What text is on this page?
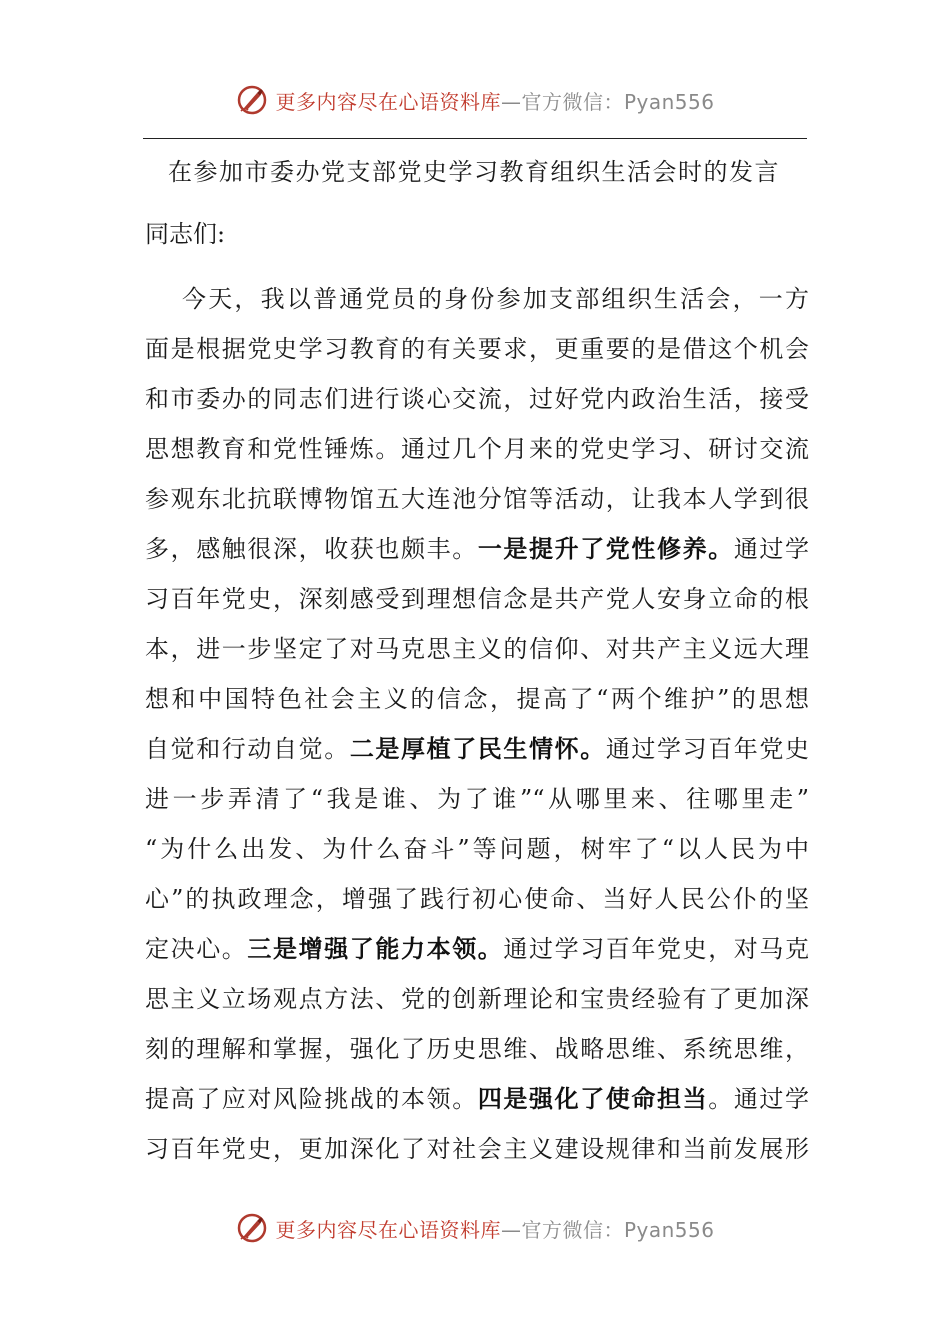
更多内容尽在心语资料库—官方微信：Pyan556
在参加市委办党支部党史学习教育组织生活会时的发言
同志们:
今天，我以普通党员的身份参加支部组织生活会，一方
面是根据党史学习教育的有关要求，更重要的是借这个机会
和市委办的同志们进行谈心交流，过好党内政治生活，接受
思想教育和党性锤炼。通过几个月来的党史学习、研讨交流
参观东北抗联博物馆五大连池分馆等活动，让我本人学到很
多，感触很深，收获也颇丰。一是提升了党性修养。通过学
习百年党史，深刻感受到理想信念是共产党人安身立命的根
本，进一步坚定了对马克思主义的信仰、对共产主义远大理
想和中国特色社会主义的信念，提高了“两个维护”的思想
自觉和行动自觉。二是厚植了民生情怀。通过学习百年党史
进一步弄清了“我是谁、为了谁”“从哪里来、往哪里走”
“为什么出发、为什么奋斗”等问题，树牢了“以人民为中
心”的执政理念，增强了践行初心使命、当好人民公仆的坚
定决心。三是增强了能力本领。通过学习百年党史，对马克
思主义立场观点方法、党的创新理论和宝贵经验有了更加深
刻的理解和掌握，强化了历史思维、战略思维、系统思维，
提高了应对风险挑战的本领。四是强化了使命担当。通过学
习百年党史，更加深化了对社会主义建设规律和当前发展形
更多内容尽在心语资料库—官方微信：Pyan556
